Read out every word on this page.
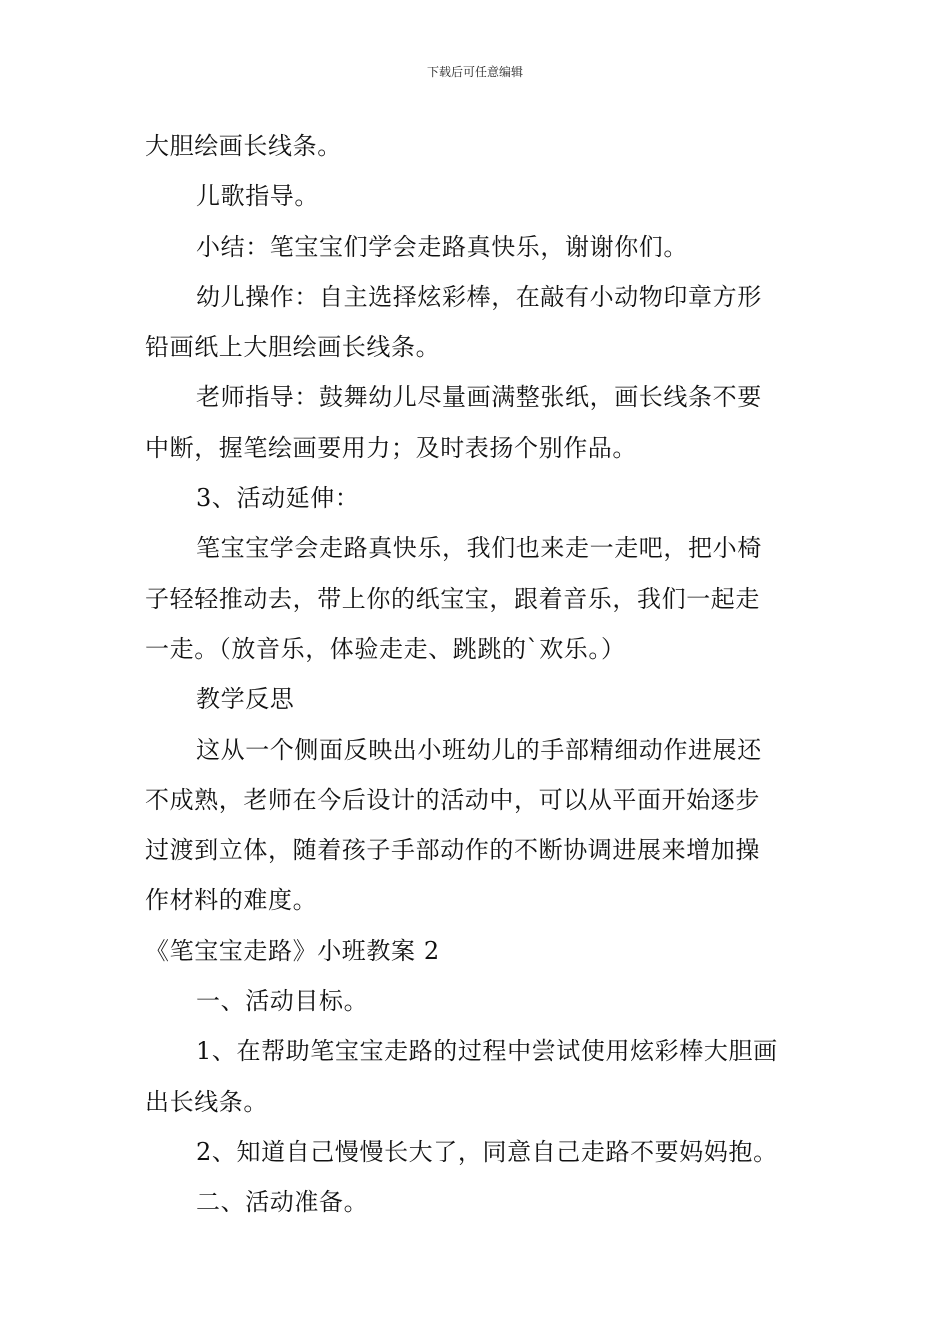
下载后可任意编辑
大胆绘画长线条。
儿歌指导。
小结：笔宝宝们学会走路真快乐，谢谢你们。
幼儿操作：自主选择炫彩棒，在敲有小动物印章方形
铅画纸上大胆绘画长线条。
老师指导：鼓舞幼儿尽量画满整张纸，画长线条不要
中断，握笔绘画要用力；及时表扬个别作品。
3、活动延伸：
笔宝宝学会走路真快乐，我们也来走一走吧，把小椅
子轻轻推动去，带上你的纸宝宝，跟着音乐，我们一起走
一走。（放音乐，体验走走、跳跳的`欢乐。）
教学反思
这从一个侧面反映出小班幼儿的手部精细动作进展还
不成熟，老师在今后设计的活动中，可以从平面开始逐步
过渡到立体，随着孩子手部动作的不断协调进展来增加操
作材料的难度。
《笔宝宝走路》小班教案 2
一、活动目标。
1、在帮助笔宝宝走路的过程中尝试使用炫彩棒大胆画
出长线条。
2、知道自己慢慢长大了，同意自己走路不要妈妈抱。
二、活动准备。
